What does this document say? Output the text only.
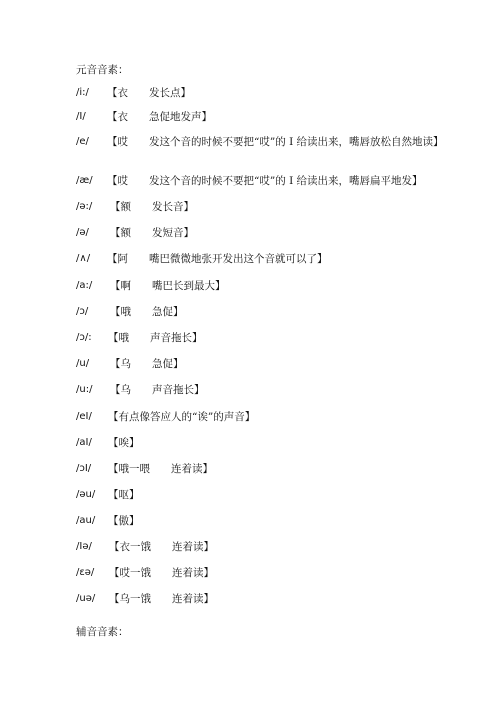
元音音素：
/i:/ 【衣　　发长点】
/I/ 【衣　　急促地发声】
/e/ 【哎　　发这个音的时候不要把“哎”的 I 给读出来，嘴唇放松自然地读】
/æ/ 【哎　　发这个音的时候不要把“哎”的 I 给读出来，嘴唇扁平地发】
/ə:/ 【额　　发长音】
/ə/ 【额　　发短音】
/∧/ 【阿　　嘴巴微微地张开发出这个音就可以了】
/a:/ 【啊　　嘴巴长到最大】
/ɔ/ 【哦　　急促】
/ɔ/: 【哦　　声音拖长】
/u/ 【乌　　急促】
/u:/ 【乌　　声音拖长】
/eI/ 【有点像答应人的“诶”的声音】
/aI/ 【唉】
/ɔI/ 【哦一喂　　连着读】
/əu/ 【呕】
/au/ 【傲】
/Iə/ 【衣一饿　　连着读】
/εə/ 【哎一饿　　连着读】
/uə/ 【乌一饿　　连着读】
辅音音素：
